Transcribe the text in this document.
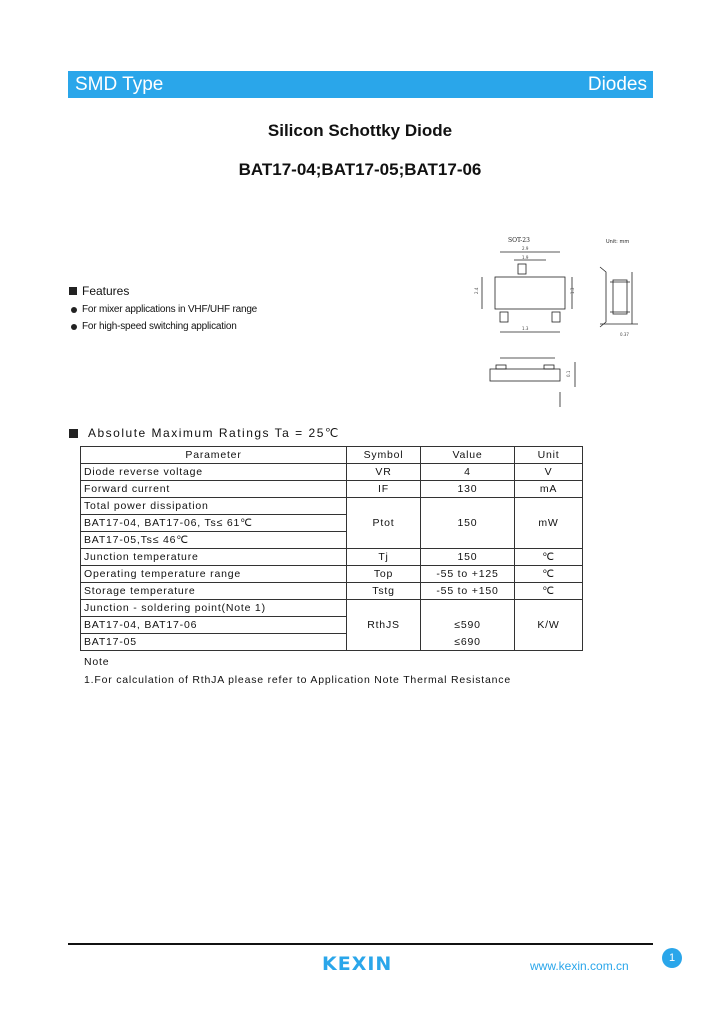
SMD Type	Diodes
Silicon Schottky Diode
BAT17-04;BAT17-05;BAT17-06
Features
For mixer applications in VHF/UHF range
For high-speed switching application
SOT-23	Unit: mm
2.9
1.9
1.3
2.4	1.3
0.37
0.1
Absolute Maximum Ratings Ta = 25℃
Parameter	Symbol	Value	Unit
Diode reverse voltage	VR	4	V
Forward current	IF	130	mA
Total power dissipation	Ptot	150	mW
BAT17-04, BAT17-06, Ts≤ 61℃			
BAT17-05,Ts≤ 46℃			
Junction temperature	Tj	150	℃
Operating temperature range	Top	-55 to +125	℃
Storage temperature	Tstg	-55 to +150	℃
Junction - soldering point(Note 1)	RthJS		K/W
BAT17-04, BAT17-06		≤590	
BAT17-05		≤690	
Note
1.For calculation of RthJA please refer to Application Note Thermal Resistance
KEXIN	www.kexin.com.cn
1
